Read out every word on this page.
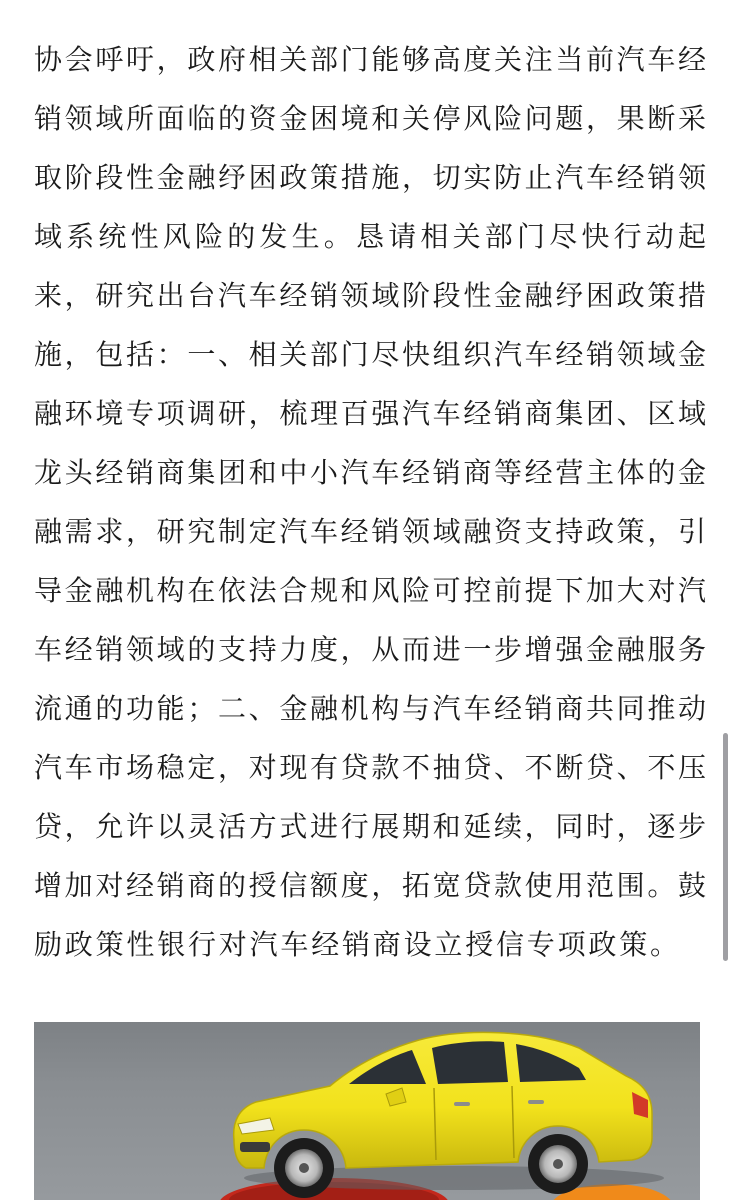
协会呼吁，政府相关部门能够高度关注当前汽车经
销领域所面临的资金困境和关停风险问题，果断采
取阶段性金融纾困政策措施，切实防止汽车经销领
域系统性风险的发生。恳请相关部门尽快行动起
来，研究出台汽车经销领域阶段性金融纾困政策措
施，包括：一、相关部门尽快组织汽车经销领域金
融环境专项调研，梳理百强汽车经销商集团、区域
龙头经销商集团和中小汽车经销商等经营主体的金
融需求，研究制定汽车经销领域融资支持政策，引
导金融机构在依法合规和风险可控前提下加大对汽
车经销领域的支持力度，从而进一步增强金融服务
流通的功能；二、金融机构与汽车经销商共同推动
汽车市场稳定，对现有贷款不抽贷、不断贷、不压
贷，允许以灵活方式进行展期和延续，同时，逐步
增加对经销商的授信额度，拓宽贷款使用范围。鼓
励政策性银行对汽车经销商设立授信专项政策。
